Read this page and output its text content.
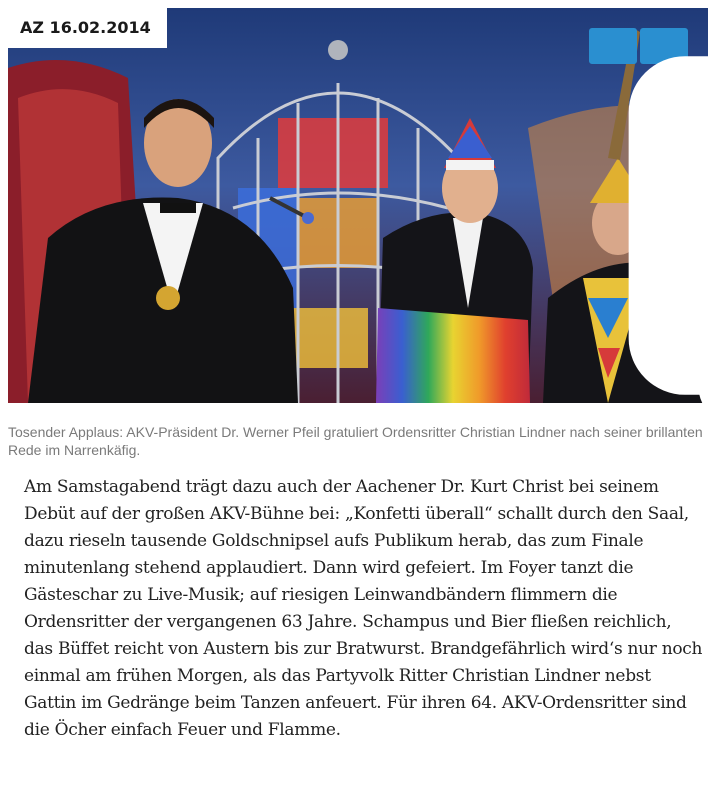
AZ 16.02.2014

Tosender Applaus: AKV-Präsident Dr. Werner Pfeil gratuliert Ordensritter Christian Lindner nach seiner brillanten Rede im Narrenkäfig.

Am Samstagabend trägt dazu auch der Aachener Dr. Kurt Christ bei seinem Debüt auf der großen AKV-Bühne bei: „Konfetti überall“ schallt durch den Saal, dazu rieseln tausende Goldschnipsel aufs Publikum herab, das zum Finale minutenlang stehend applaudiert. Dann wird gefeiert. Im Foyer tanzt die Gästeschar zu Live-Musik; auf riesigen Leinwandbändern flimmern die Ordensritter der vergangenen 63 Jahre. Schampus und Bier fließen reichlich, das Büffet reicht von Austern bis zur Bratwurst. Brandgefährlich wird‘s nur noch einmal am frühen Morgen, als das Partyvolk Ritter Christian Lindner nebst Gattin im Gedränge beim Tanzen anfeuert. Für ihren 64. AKV-Ordensritter sind die Öcher einfach Feuer und Flamme.
